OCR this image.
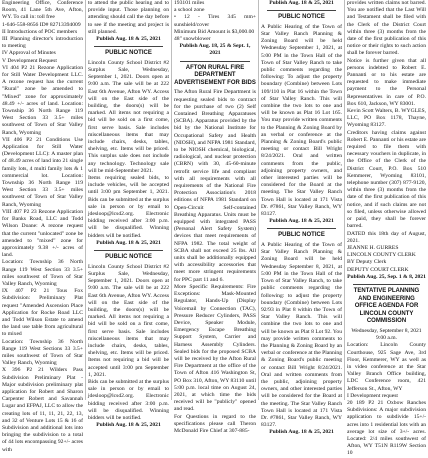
Engineering Office, Conference Room, 41 Lane 5th Ave, Afton, WY. To call in: toll free

1-646-558-8656 ID# 82713394009

II Introductions of POC members

III Planning director's introduction to meeting

IV Approval of Minutes

V Development Request

VI 404 P2 21 Rezone Application for Still Water Development LLC. A rezone request has the current "Rural" zone be amended to "Mixed" zone for approximately 48.49 +/- acres of land. Location: Township 36 North Range 119 West Section 33 3.5+ miles southwest of Town of Star Valley Ranch, Wyoming

VII 406 P2 21 Conditions Use Application for Still Water (Development LLC): A master plan of 48.49 acres of land into 21 single family lots, 4 multi family lots & 1 commercial lot. Location: Township 36 North Range 119 West Section 33 3.5+ miles southwest of Town of Star Valley Ranch, Wyoming

VIII 407 P2 23 Rezone Application for Banks Road, LLC and Todd Wilson Doane: A rezone request that the current "unlocated" zone be amended to "mixed" zone for approximately 9.38 +/- acres of land.

Location: Township 36 North Range 119 West Section 33 3.5+ miles southwest of Town of Star Valley Ranch, Wyoming

IX 407 P2 21 Tous Fox Subdivision: Preliminary Plat request "Amended Ascension Place Application for Rocke Road LLC and Todd Wilson Estate to amend the land use table from agricultural to mixed

Location: Township 36 North Range 119 West Sections 33 3.5+ miles southwest of Town of Star Valley Ranch, Wyoming

X 396 P2 21 Wilders Pass Subdivision Preliminary Plat - Major subdivision preliminary plat application for Robert and Sharon Carpenter Robert and Savannah Lugar and EFPAJ, LLC to allow the creating lots of 11, 11, 21, 22, 13, and 32 of Venture Lots 15 & 16 of Subdivision and additional lots into bringing the subdivision to a total of 44 lots encompassing 92+/- acres with

to attend the public hearing and to provide input. Those planning on attending should call the day before to see if the meeting and project is still planned.

Publish Aug. 18 & 25, 2021

PUBLIC NOTICE

Lincoln County School District #2 Surplus Sale, Wednesday, September 1, 2021. Doors open at 9:00 a.m. The sale will be at 222 East 6th Avenue, Afton WY. Access will on the East side of the building, the doors(s) will be marked. All items not requiring a bid will be sold on a first come, first serve basis. Sale includes miscellaneous items that may include chairs, desks, tables, shelving, etc. Items will be priced. This surplus sale does not include any technology. Technology sale will be mid-September 2021.

Items requiring sealed bids, to include vehicles, will be accepted until 3:00 pm September 1, 2021. Bids can be submitted at the surplus sale in person or by email to jdesloop@lcsd2.org. Electronic bidding received after 3:00 p.m. will be disqualified. Winning bidders will be notified.

Publish Aug. 18 & 25, 2021

PUBLIC NOTICE

Lincoln County School District #2 Surplus Sale, Wednesday, September 1, 2021. Doors open at 9:00 a.m. The sale will be at 222 East 6th Avenue, Afton WY. Access will on the East side of the building, the doors(s) will be marked. All items not requiring a bid will be sold on a first come, first serve basis. Sale includes miscellaneous items that may include chairs, desks, tables, shelving, etc. Items will be priced. Items not requiring a bid will be accepted until 3:00 pm September 1, 2021.

Bids can be submitted at the surplus sale in person or by email to jdesloop@lcsd2.org. Electronic bidding received after 3:00 p.m. will be disqualified. Winning bidders will be notified.

Publish Aug. 18 & 25, 2021

193101 miles

a school zone

• 12 - Tires 345 mm+ sunshield/cover

Minimum Bid Amount is $3,000.00

48" snowblower

Publish Aug. 18, 25 & Sept. 1, 2021

AFTON RURAL FIRE DEPARTMENT ADVERTISEMENT FOR BIDS

The Afton Rural Fire Department is requesting sealed bids to contract for the purchase of two (2) Self Contained Breathing Apparatuses (SCBA). Apparatus provided by the bid by the National Institute for Occupational Safety and Health (NIOSH), and NFPA 1981 Standard, to be NIOSH chemical, biological, radiological, and nuclear protection (CBRN) with 30, 45-60-minute retrofit service life and compliant with all requirements with all requirements of the National Fire Protection Association's 2018 editions of NFPA 1981 Standard on Open-Circuit Self-contained Breathing Apparatus. Units must be equipped with integrated PASS (Personal Alert Safety System) devices that meet requirements of NFPA 1982. The total weight of SCBA shall not exceed 25 lbs. All units shall be additionally equipped with accessibility accessories that meet more stringent requirements for PPC part 11 and 6.

More Specific Requirements: Fire Exceptions: Mask-Mounted Regulator, Hands-Up (Display Voicemail by Connection (TAC), Pressure Reducer Cylinders, PASS Device, Speaker Module, Emergency Escape Breathing Support System, Carrier and Harness Assembly Cylinders. Sealed bids for the proposed SCBA will be received by the Afton Rural Fire Department at the office of the Town of Afton 416 Washington St, PO Box 310, Afton, WY 83110 until 5:00 p.m. local time on August 24, 2021, at which time the bids received will be "publicly" opened and read.

For Questions in regard to the specifications please call Theron McDonald Fire Chief at 307-885-

Publish Aug. 18 & 25, 2021

PUBLIC NOTICE

A Public Hearing of the Town of Star Valley Ranch Planning & Zoning Board will be held Wednesday September 1, 2021, at 5:00 PM in the Town Hall of the Town of Star Valley Ranch to take public comments regarding the following: To adjust the property boundary (Combine) between Lots 109/110 in Plat 16 within the Town of Star Valley Ranch. This will combine the two lots to one and will be known as Plat 16 Lot 165. You may provide written comments to the Planning & Zoning Board by an verbal or conference at the Planning & Zoning Board's public meeting or contact Bill Wright 8/24/2021. Oral and written comments from the public, adjoining property owners, and other interested parties will be considered for the Board at the meeting. The Star Valley Ranch Town Hall is located at 171 Vista Dr. #7861, Star Valley Ranch, WY 83127.

Publish Aug. 18 & 25, 2021

PUBLIC NOTICE

A Public Hearing of the Town of Star Valley Ranch Planning & Zoning Board will be held Wednesday September 8, 2021, at 5:00 PM in the Town Hall of the Town of Star Valley Ranch, to take public comments regarding the following: to adjust the property boundary (Combine) between Lots 92/93 in Plat 8 within the Town of Star Valley Ranch. This will combine the two lots to one and will be known as Plat 8 Lot 92. You may provide written comments to the Planning & Zoning Board by an verbal or conference at the Planning & Zoning Board's public meeting or contact Bill Wright 8/24/2021. Oral and written comments from the public, adjoining property owners, and other interested parties will be considered for the Board at the meeting. The Star Valley Ranch Town Hall is located at 171 Vista Dr. #7861, Star Valley Ranch, WY 83127.

Publish Aug. 18 & 25, 2021

provides written claims not barred. You are notified that the Last Will and Testament shall be filed with the Clerk of the District Court within three (3) months from the date of the first publication of this notice or their rights to such action shall be forever barred.

Notice is further given that all persons indebted to Robert E. Pannanti or to his estate are requested to make immediate payment to the Personal Representatives in care of P.O. Box 610, Jackson, WY 83001.

Kevin Scott Walters, B. WYGLES, LLC, PO Box 1178, Thayne, Wyoming 83127.

Creditors having claims against Robert E. Pannanti or his estate are required to file them with necessary vouchers in duplicate, in the Office of the Clerk of the District Court, P.O. Box 510 Kemmerer, Wyoming 83101, telephone number (307) 877-9120, within three (3) months from the date of the first publication of this notice, and if such claims are not so filed, unless otherwise allowed or paid, they shall be forever barred.

DATED this 18th day of August, 2021.

JEANNE H. GURRES

LINCOLN COUNTY CLERK

BY Deputy Clerk

DEPUTY COURT CLERK

Publish Aug. 25, Sep. 1 & 8, 2021

TENTATIVE PLANNING AND ENGINEERING OFFICE AGENDA FOR LINCOLN COUNTY COMMISSION

Wednesday, September 8, 2021 9:00 a.m.

Location: Lincoln County Courthouse, 925 Sage Ave, 3rd Floor, Kemmerer, WY as well as in video conference at the Star Valley Branch Office building, LDC Conference room, 421 Jefferson St., Afton, WY

I Development request

20 189 P2 21 Oxbow Ranches Subdivisions: A major subdivision application to subdivide 15+/- acres into 1 residential lots with an average lot size of 3+/- acres. Located: 2/4 miles southwest of Afton, WY T51N R119W Section 10
